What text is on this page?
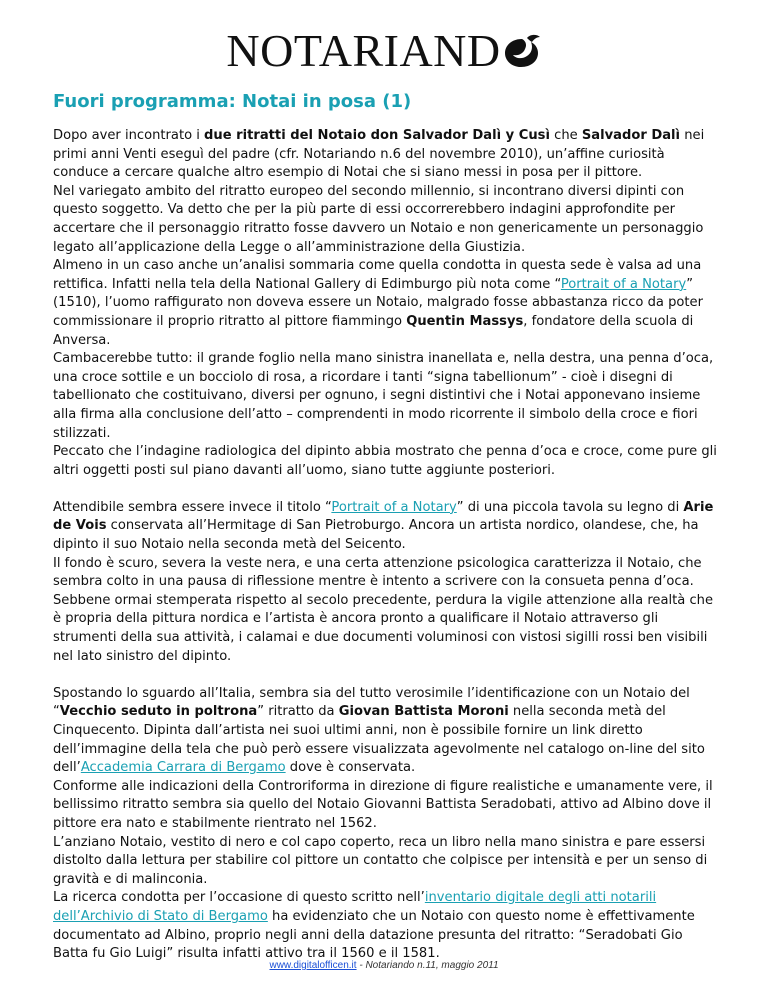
NOTARIAND
Fuori programma: Notai in posa (1)

Dopo aver incontrato i due ritratti del Notaio don Salvador Dalì y Cusì che Salvador Dalì nei primi anni Venti eseguì del padre (cfr. Notariando n.6 del novembre 2010), un’affine curiosità conduce a cercare qualche altro esempio di Notai che si siano messi in posa per il pittore.

Nel variegato ambito del ritratto europeo del secondo millennio, si incontrano diversi dipinti con questo soggetto. Va detto che per la più parte di essi occorrerebbero indagini approfondite per accertare che il personaggio ritratto fosse davvero un Notaio e non genericamente un personaggio legato all’applicazione della Legge o all’amministrazione della Giustizia.

Almeno in un caso anche un’analisi sommaria come quella condotta in questa sede è valsa ad una rettifica. Infatti nella tela della National Gallery di Edimburgo più nota come “Portrait of a Notary” (1510), l’uomo raffigurato non doveva essere un Notaio, malgrado fosse abbastanza ricco da poter commissionare il proprio ritratto al pittore fiammingo Quentin Massys, fondatore della scuola di Anversa.

Cambacerebbe tutto: il grande foglio nella mano sinistra inanellata e, nella destra, una penna d’oca, una croce sottile e un bocciolo di rosa, a ricordare i tanti “signa tabellionum” - cioè i disegni di tabellionato che costituivano, diversi per ognuno, i segni distintivi che i Notai apponevano insieme alla firma alla conclusione dell’atto – comprendenti in modo ricorrente il simbolo della croce e fiori stilizzati.

Peccato che l’indagine radiologica del dipinto abbia mostrato che penna d’oca e croce, come pure gli altri oggetti posti sul piano davanti all’uomo, siano tutte aggiunte posteriori.

Attendibile sembra essere invece il titolo “Portrait of a Notary” di una piccola tavola su legno di Arie de Vois conservata all’Hermitage di San Pietroburgo. Ancora un artista nordico, olandese, che, ha dipinto il suo Notaio nella seconda metà del Seicento.

Il fondo è scuro, severa la veste nera, e una certa attenzione psicologica caratterizza il Notaio, che sembra colto in una pausa di riflessione mentre è intento a scrivere con la consueta penna d’oca. Sebbene ormai stemperata rispetto al secolo precedente, perdura la vigile attenzione alla realtà che è propria della pittura nordica e l’artista è ancora pronto a qualificare il Notaio attraverso gli strumenti della sua attività, i calamai e due documenti voluminosi con vistosi sigilli rossi ben visibili nel lato sinistro del dipinto.

Spostando lo sguardo all’Italia, sembra sia del tutto verosimile l’identificazione con un Notaio del “Vecchio seduto in poltrona” ritratto da Giovan Battista Moroni nella seconda metà del Cinquecento. Dipinta dall’artista nei suoi ultimi anni, non è possibile fornire un link diretto dell’immagine della tela che può però essere visualizzata agevolmente nel catalogo on-line del sito dell’Accademia Carrara di Bergamo dove è conservata.

Conforme alle indicazioni della Controriforma in direzione di figure realistiche e umanamente vere, il bellissimo ritratto sembra sia quello del Notaio Giovanni Battista Seradobati, attivo ad Albino dove il pittore era nato e stabilmente rientrato nel 1562.

L’anziano Notaio, vestito di nero e col capo coperto, reca un libro nella mano sinistra e pare essersi distolto dalla lettura per stabilire col pittore un contatto che colpisce per intensità e per un senso di gravità e di malinconia.

La ricerca condotta per l’occasione di questo scritto nell’inventario digitale degli atti notarili dell’Archivio di Stato di Bergamo ha evidenziato che un Notaio con questo nome è effettivamente documentato ad Albino, proprio negli anni della datazione presunta del ritratto: “Seradobati Gio Batta fu Gio Luigi” risulta infatti attivo tra il 1560 e il 1581.

www.digitalofficen.it - Notariando n.11, maggio 2011
